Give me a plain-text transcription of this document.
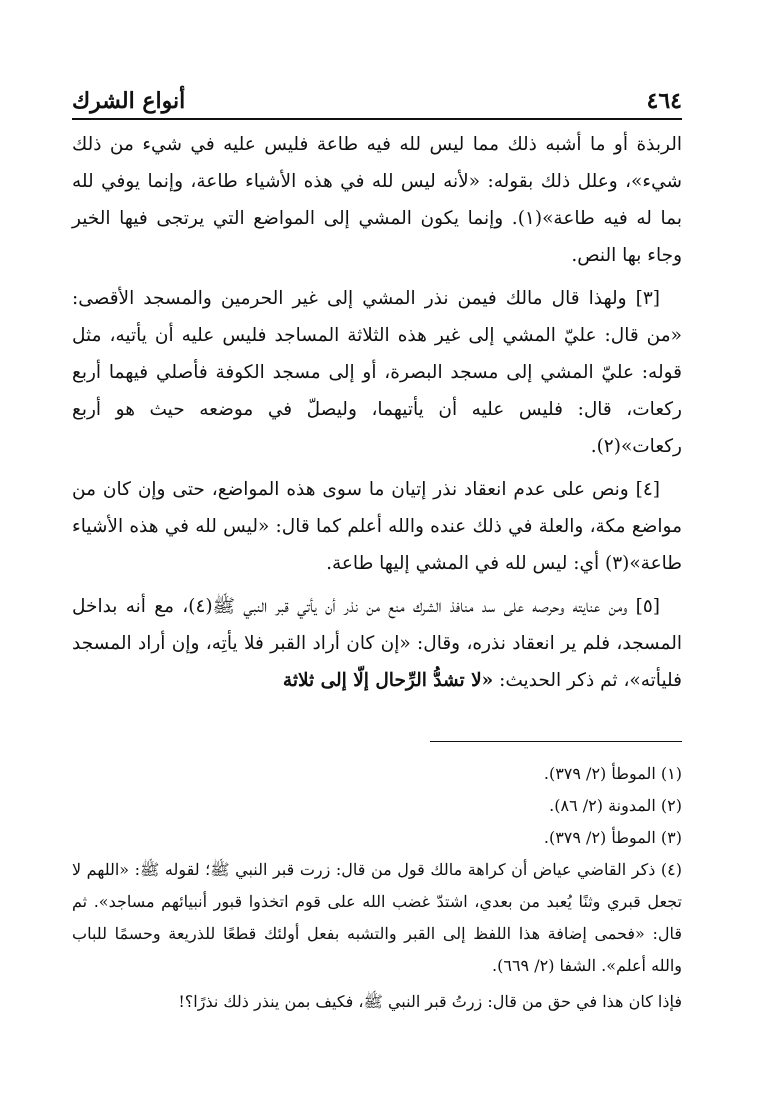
٤٦٤
أنواع الشرك

الربذة أو ما أشبه ذلك مما ليس لله فيه طاعة فليس عليه في شيء من ذلك شيء»، وعلل ذلك بقوله: «لأنه ليس لله في هذه الأشياء طاعة، وإنما يوفي لله بما له فيه طاعة»(١). وإنما يكون المشي إلى المواضع التي يرتجى فيها الخير وجاء بها النص.

[٣] ولهذا قال مالك فيمن نذر المشي إلى غير الحرمين والمسجد الأقصى: «من قال: عليّ المشي إلى غير هذه الثلاثة المساجد فليس عليه أن يأتيه، مثل قوله: عليّ المشي إلى مسجد البصرة، أو إلى مسجد الكوفة فأصلي فيهما أربع ركعات، قال: فليس عليه أن يأتيهما، وليصلّ في موضعه حيث هو أربع ركعات»(٢).

[٤] ونص على عدم انعقاد نذر إتيان ما سوى هذه المواضع، حتى وإن كان من مواضع مكة، والعلة في ذلك عنده والله أعلم كما قال: «ليس لله في هذه الأشياء طاعة»(٣) أي: ليس لله في المشي إليها طاعة.

[٥] ومن عنايته وحرصه على سد منافذ الشرك منع من نذر أن يأتي قبر النبي ﷺ(٤)، مع أنه بداخل المسجد، فلم ير انعقاد نذره، وقال: «إن كان أراد القبر فلا يأتِه، وإن أراد المسجد فليأته»، ثم ذكر الحديث: «لا تشدُّ الرِّحال إلّا إلى ثلاثة

(١) الموطأ (٢/ ٣٧٩).

(٢) المدونة (٢/ ٨٦).

(٣) الموطأ (٢/ ٣٧٩).

(٤) ذكر القاضي عياض أن كراهة مالك قول من قال: زرت قبر النبي ﷺ؛ لقوله ﷺ: «اللهم لا تجعل قبري وثنًا يُعبد من بعدي، اشتدّ غضب الله على قوم اتخذوا قبور أنبيائهم مساجد». ثم قال: «فحمى إضافة هذا اللفظ إلى القبر والتشبه بفعل أولئك قطعًا للذريعة وحسمًا للباب والله أعلم». الشفا (٢/ ٦٦٩).

فإذا كان هذا في حق من قال: زرتُ قبر النبي ﷺ، فكيف بمن ينذر ذلك نذرًا؟!
